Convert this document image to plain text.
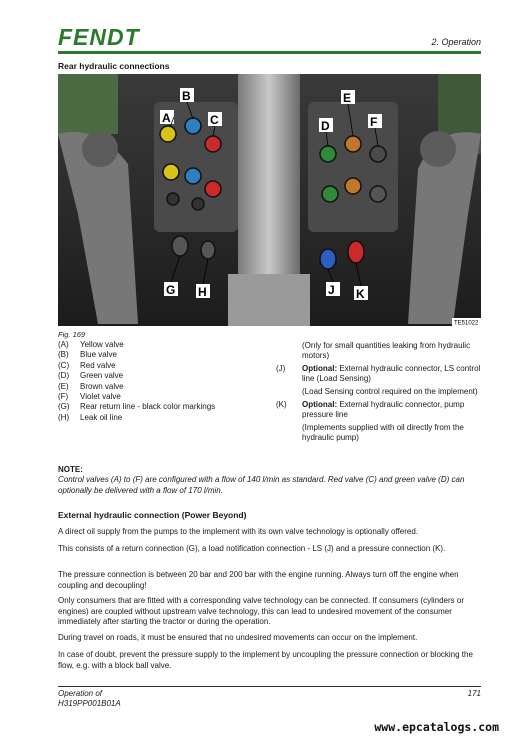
FENDT	2. Operation
Rear hydraulic connections
B
A	C
E
D	F
G H	J K
TE51022
Fig. 169
(A)	Yellow valve
(B)	Blue valve
(C)	Red valve
(D)	Green valve
(E)	Brown valve
(F)	Violet valve
(G)	Rear return line - black color markings
(H)	Leak oil line
(Only for small quantities leaking from hydraulic motors)
(J)	Optional: External hydraulic connector, LS control line (Load Sensing)
(Load Sensing control required on the implement)
(K)	Optional: External hydraulic connector, pump pressure line
(Implements supplied with oil directly from the hydraulic pump)
NOTE:
Control valves (A) to (F) are configured with a flow of 140 l/min as standard. Red valve (C) and green valve (D) can optionally be delivered with a flow of 170 l/min.
External hydraulic connection (Power Beyond)
A direct oil supply from the pumps to the implement with its own valve technology is optionally offered.
This consists of a return connection (G), a load notification connection - LS (J) and a pressure connection (K).
The pressure connection is between 20 bar and 200 bar with the engine running. Always turn off the engine when coupling and decoupling!
Only consumers that are fitted with a corresponding valve technology can be connected. If consumers (cylinders or engines) are coupled without upstream valve technology, this can lead to undesired movement of the consumer immediately after starting the tractor or during the operation.
During travel on roads, it must be ensured that no undesired movements can occur on the implement.
In case of doubt, prevent the pressure supply to the implement by uncoupling the pressure connection or blocking the flow, e.g. with a block ball valve.
Operation of
H319PP001B01A
171
www.epcatalogs.com
